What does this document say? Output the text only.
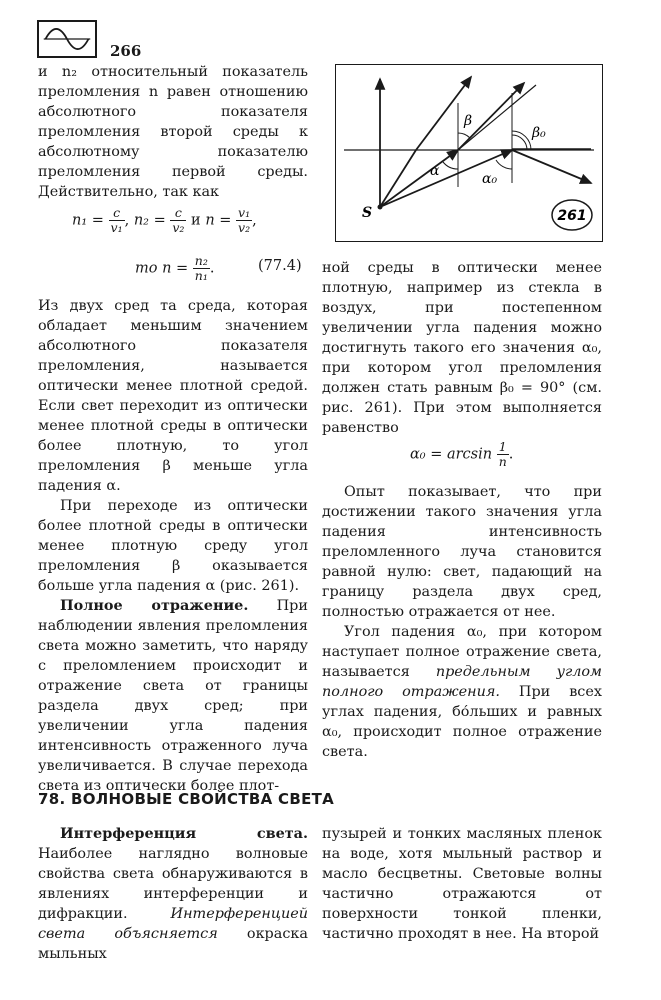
266

и n₂ относительный показатель преломления n равен отношению абсолютного показателя преломления второй среды к абсолютному показателю преломления первой среды. Действительно, так как

$n_1 = \frac{c}{\text{v₁}}$ , $n_2 = \frac{c}{\text{v₂}}$ и $n = \frac{\text{v₁}}{\text{v₂}}$ ,
то $n = \frac{\text{n₂}}{\text{n₁}}$ .	(77.4)

Из двух сред та среда, которая обладает меньшим значением абсолютного показателя преломления, называется оптически менее плотной средой. Если свет переходит из оптически менее плотной среды в оптически более плотную, то угол преломления β меньше угла падения α.

При переходе из оптически более плотной среды в оптически менее плотную среду угол преломления β оказывается больше угла падения α (рис. 261).

Полное отражение. При наблюдении явления преломления света можно заметить, что наряду с преломлением происходит и отражение света от границы раздела двух сред; при увеличении угла падения интенсивность отраженного луча увеличивается. В случае перехода света из оптически более плот-

S
β
β₀
α	α₀
261

ной среды в оптически менее плотную, например из стекла в воздух, при постепенном увеличении угла падения можно достигнуть такого его значения α₀, при котором угол преломления должен стать равным β₀ = 90° (см. рис. 261). При этом выполняется равенство

$\alpha_0 = \arcsin \frac{1}{n}$ .

Опыт показывает, что при достижении такого значения угла падения интенсивность преломленного луча становится равной нулю: свет, падающий на границу раздела двух сред, полностью отражается от нее.

Угол падения α₀, при котором наступает полное отражение света, называется предельным углом полного отражения. При всех углах падения, бо́льших и равных α₀, происходит полное отражение света.

78. ВОЛНОВЫЕ СВОЙСТВА СВЕТА

Интерференция света. Наиболее наглядно волновые свойства света обнаруживаются в явлениях интерференции и дифракции. Интерференцией света объясняется окраска мыльных

пузырей и тонких масляных пленок на воде, хотя мыльный раствор и масло бесцветны. Световые волны частично отражаются от поверхности тонкой пленки, частично проходят в нее. На второй
